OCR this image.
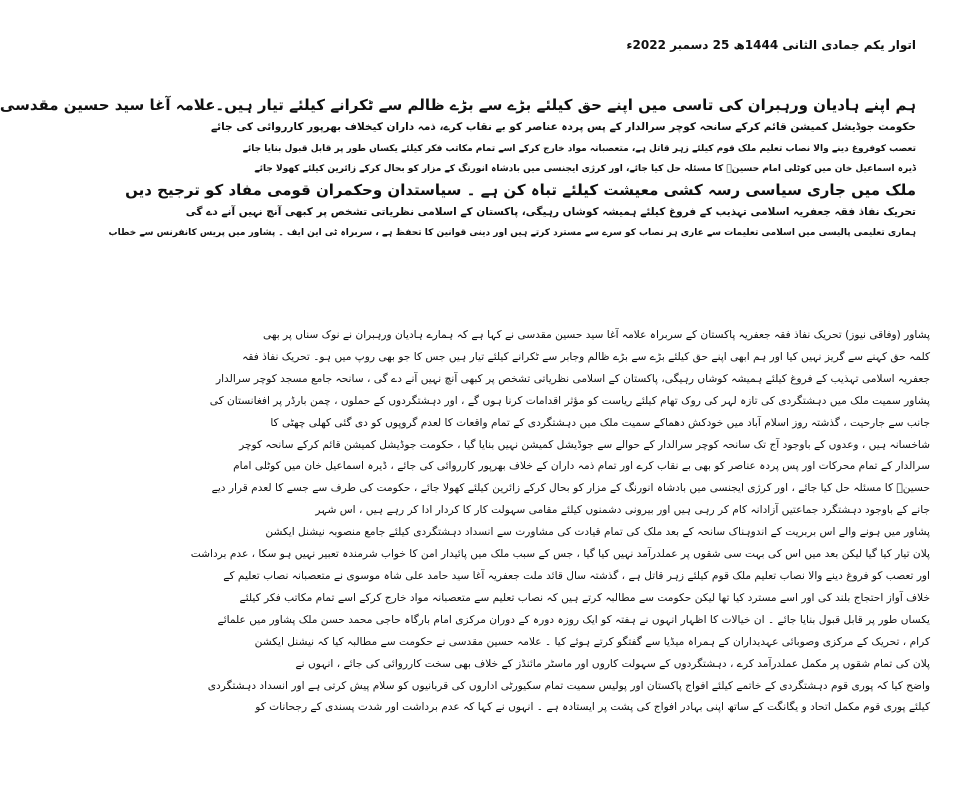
اتوار یکم جمادی الثانی 1444ھ 25 دسمبر 2022ء
ہم اپنے ہادیان ورہبران کی تاسی میں اپنے حق کیلئے بڑے سے بڑے ظالم سے ٹکرانے کیلئے تیار ہیں۔علامہ آغا سید حسین مقدسی
حکومت جوڈیشل کمیشن قائم کرکے سانحہ کوچر سرالدار کے پس پردہ عناصر کو بے نقاب کرے، ذمہ داران کیخلاف بھرپور کارروائی کی جائے
تعصب کوفروغ دینے والا نصاب تعلیم ملک قوم کیلئے زہر قاتل ہے، متعصبانہ مواد خارج کرکے اسے تمام مکاتب فکر کیلئے یکساں طور پر قابل قبول بنایا جائے
ڈیرہ اسماعیل خان میں کوٹلی امام حسینؑ کا مسئلہ حل کیا جائے، اور کرژی ایجنسی میں بادشاہ انورنگ کے مزار کو بحال کرکے زائرین کیلئے کھولا جائے
ملک میں جاری سیاسی رسہ کشی معیشت کیلئے تباہ کن ہے ۔ سیاستدان وحکمران قومی مفاد کو ترجیح دیں
تحریک نفاذ فقہ جعفریہ اسلامی تہذیب کے فروغ کیلئے ہمیشہ کوشاں رہیگی، پاکستان کے اسلامی نظریاتی تشخص پر کبھی آنچ نہیں آنے دے گی
ہماری تعلیمی پالیسی میں اسلامی تعلیمات سے عاری ہر نصاب کو سرے سے مسترد کرتے ہیں اور دینی قوانین کا تحفظ ہے ، سربراہ ٹی این ایف ۔ پشاور میں پریس کانفرنس سے خطاب
پشاور (وفاقی نیوز) تحریک نفاذ فقہ جعفریہ پاکستان کے سربراہ علامہ آغا سید حسین مقدسی نے کہا ہے کہ ہمارے ہادیان ورہبران نے نوک سناں پر بھی
کلمہ حق کہنے سے گریز نہیں کیا اور ہم ابھی اپنے حق کیلئے بڑے سے بڑے ظالم وجابر سے ٹکرانے کیلئے تیار ہیں جس کا جو بھی روپ میں ہو۔ تحریک نفاذ فقہ
جعفریہ اسلامی تہذیب کے فروغ کیلئے ہمیشہ کوشاں رہیگی، پاکستان کے اسلامی نظریاتی تشخص پر کبھی آنچ نہیں آنے دے گی ، سانحہ جامع مسجد کوچر سرالدار
پشاور سمیت ملک میں دہشتگردی کی تازہ لہر کی روک تھام کیلئے ریاست کو مؤثر اقدامات کرنا ہوں گے ، اور دہشتگردوں کے حملوں ، چمن بارڈر پر افغانستان کی
جانب سے جارحیت ، گذشتہ روز اسلام آباد میں خودکش دھماکے سمیت ملک میں دہشتگردی کے تمام واقعات کا لعدم گروپوں کو دی گئی کھلی چھٹی کا
شاخسانہ ہیں ، وعدوں کے باوجود آج تک سانحہ کوچر سرالدار کے حوالے سے جوڈیشل کمیشن نہیں بنایا گیا ، حکومت جوڈیشل کمیشن قائم کرکے سانحہ کوچر
سرالدار کے تمام محرکات اور پس پردہ عناصر کو بھی بے نقاب کرے اور تمام ذمہ داران کے خلاف بھرپور کارروائی کی جائے ، ڈیرہ اسماعیل خان میں کوٹلی امام
حسینؑ کا مسئلہ حل کیا جائے ، اور کرژی ایجنسی میں بادشاہ انورنگ کے مزار کو بحال کرکے زائرین کیلئے کھولا جائے ، حکومت کی طرف سے جسے کا لعدم قرار دیے
جانے کے باوجود دہشتگرد جماعتیں آزادانہ کام کر رہی ہیں اور بیرونی دشمنوں کیلئے مقامی سہولت کار کا کردار ادا کر رہے ہیں ، اس شہر
پشاور میں ہونے والے اس بربریت کے اندوہناک سانحہ کے بعد ملک کی تمام قیادت کی مشاورت سے انسداد دہشتگردی کیلئے جامع منصوبہ نیشنل ایکشن
پلان تیار کیا گیا لیکن بعد میں اس کی بہت سی شقوں پر عملدرآمد نہیں کیا گیا ، جس کے سبب ملک میں پائیدار امن کا خواب شرمندہ تعبیر نہیں ہو سکا ، عدم برداشت
اور تعصب کو فروغ دینے والا نصاب تعلیم ملک قوم کیلئے زہر قاتل ہے ، گذشتہ سال قائد ملت جعفریہ آغا سید حامد علی شاہ موسوی نے متعصبانہ نصاب تعلیم کے
خلاف آواز احتجاج بلند کی اور اسے مسترد کیا تھا لیکن حکومت سے مطالبہ کرتے ہیں کہ نصاب تعلیم سے متعصبانہ مواد خارج کرکے اسے تمام مکاتب فکر کیلئے
یکساں طور پر قابل قبول بنایا جائے ۔ ان خیالات کا اظہار انہوں نے ہفتہ کو ایک روزہ دورہ کے دوران مرکزی امام بارگاہ حاجی محمد حسن ملک پشاور میں علمائے
کرام ، تحریک کے مرکزی وصوبائی عہدیداران کے ہمراہ میڈیا سے گفتگو کرتے ہوئے کیا ۔ علامہ حسین مقدسی نے حکومت سے مطالبہ کیا کہ نیشنل ایکشن
پلان کی تمام شقوں پر مکمل عملدرآمد کرے ، دہشتگردوں کے سہولت کاروں اور ماسٹر مائنڈز کے خلاف بھی سخت کارروائی کی جائے ، انہوں نے
واضح کیا کہ پوری قوم دہشتگردی کے خاتمے کیلئے افواج پاکستان اور پولیس سمیت تمام سکیورٹی اداروں کی قربانیوں کو سلام پیش کرتی ہے اور انسداد دہشتگردی
کیلئے پوری قوم مکمل اتحاد و یگانگت کے ساتھ اپنی بہادر افواج کی پشت پر ایستادہ ہے ۔ انہوں نے کہا کہ عدم برداشت اور شدت پسندی کے رجحانات کو
